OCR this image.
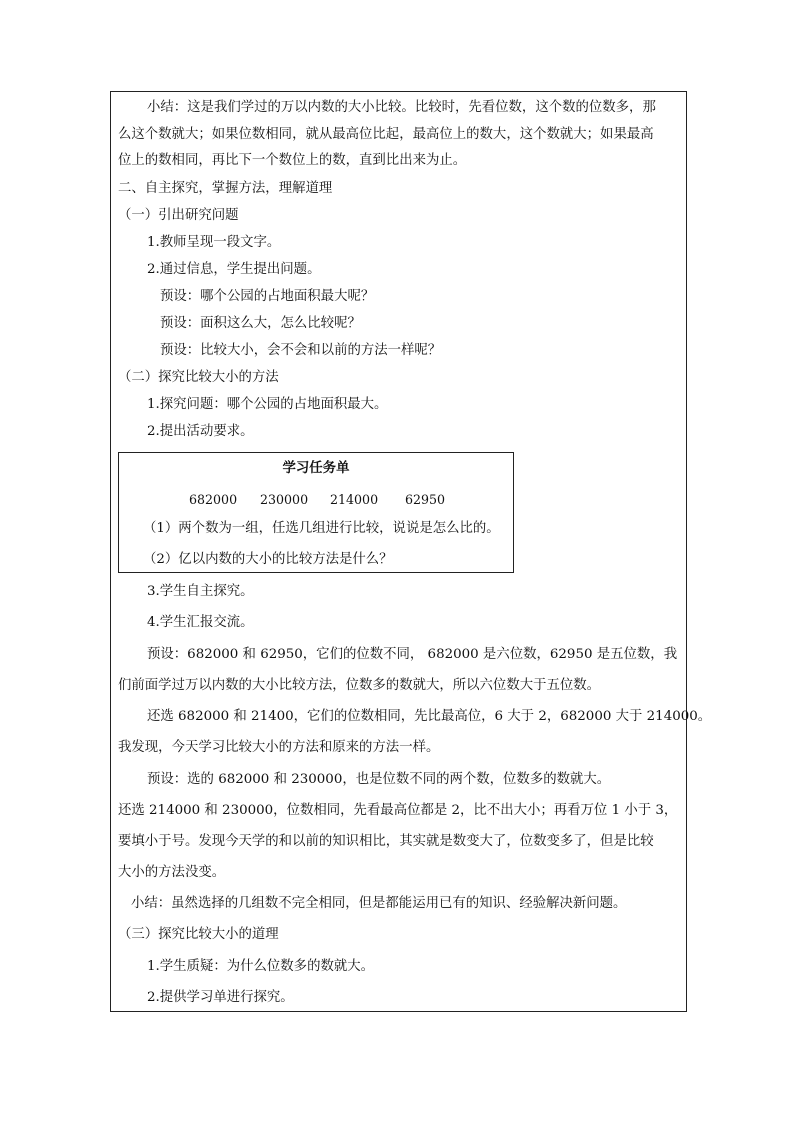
小结：这是我们学过的万以内数的大小比较。比较时，先看位数，这个数的位数多，那
么这个数就大；如果位数相同，就从最高位比起，最高位上的数大，这个数就大；如果最高
位上的数相同，再比下一个数位上的数，直到比出来为止。
二、自主探究，掌握方法，理解道理
（一）引出研究问题
1.教师呈现一段文字。
2.通过信息，学生提出问题。
预设：哪个公园的占地面积最大呢？
预设：面积这么大，怎么比较呢？
预设：比较大小，会不会和以前的方法一样呢？
（二）探究比较大小的方法
1.探究问题：哪个公园的占地面积最大。
2.提出活动要求。
学习任务单
682000 230000 214000 62950
（1）两个数为一组，任选几组进行比较，说说是怎么比的。
（2）亿以内数的大小的比较方法是什么？
3.学生自主探究。
4.学生汇报交流。
预设：682000 和 62950，它们的位数不同， 682000 是六位数，62950 是五位数，我
们前面学过万以内数的大小比较方法，位数多的数就大，所以六位数大于五位数。
还选 682000 和 21400，它们的位数相同，先比最高位，6 大于 2，682000 大于 214000。
我发现，今天学习比较大小的方法和原来的方法一样。
预设：选的 682000 和 230000，也是位数不同的两个数，位数多的数就大。
还选 214000 和 230000，位数相同，先看最高位都是 2，比不出大小；再看万位 1 小于 3，
要填小于号。发现今天学的和以前的知识相比，其实就是数变大了，位数变多了，但是比较
大小的方法没变。
小结：虽然选择的几组数不完全相同，但是都能运用已有的知识、经验解决新问题。
（三）探究比较大小的道理
1.学生质疑：为什么位数多的数就大。
2.提供学习单进行探究。
